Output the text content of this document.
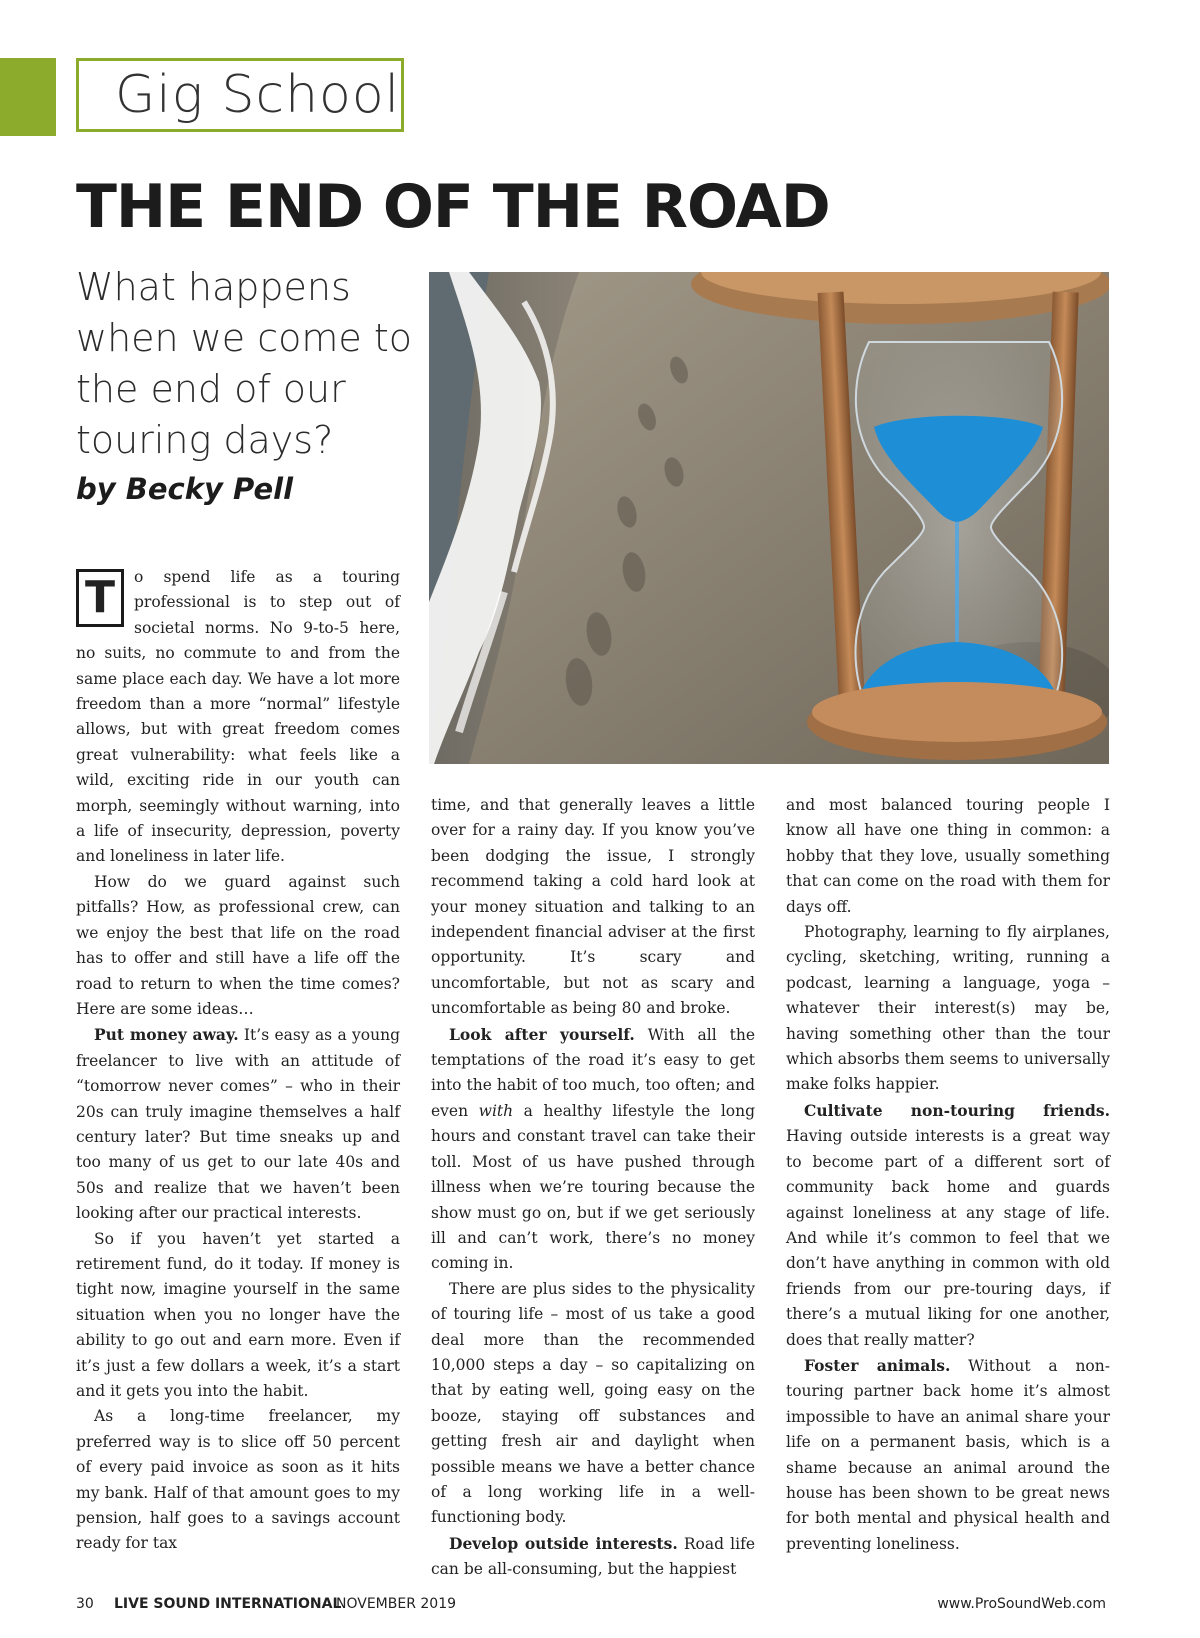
Gig School
THE END OF THE ROAD
What happens when we come to the end of our touring days?
by Becky Pell

T	o spend life as a touring professional is to step out of societal norms. No 9-to-5 here, no suits, no commute to and from the same place each day. We have a lot more freedom than a more “normal” lifestyle allows, but with great freedom comes great vulnerability: what feels like a wild, exciting ride in our youth can morph, seemingly without warning, into a life of insecurity, depression, poverty and loneliness in later life.

How do we guard against such pitfalls? How, as professional crew, can we enjoy the best that life on the road has to offer and still have a life off the road to return to when the time comes? Here are some ideas…

Put money away. It’s easy as a young freelancer to live with an attitude of “tomorrow never comes” – who in their 20s can truly imagine themselves a half century later? But time sneaks up and too many of us get to our late 40s and 50s and realize that we haven’t been looking after our practical interests.

So if you haven’t yet started a retirement fund, do it today. If money is tight now, imagine yourself in the same situation when you no longer have the ability to go out and earn more. Even if it’s just a few dollars a week, it’s a start and it gets you into the habit.

As a long-time freelancer, my preferred way is to slice off 50 percent of every paid invoice as soon as it hits my bank. Half of that amount goes to my pension, half goes to a savings account ready for tax

time, and that generally leaves a little over for a rainy day. If you know you’ve been dodging the issue, I strongly recommend taking a cold hard look at your money situation and talking to an independent financial adviser at the first opportunity. It’s scary and uncomfortable, but not as scary and uncomfortable as being 80 and broke.

Look after yourself. With all the temptations of the road it’s easy to get into the habit of too much, too often; and even with a healthy lifestyle the long hours and constant travel can take their toll. Most of us have pushed through illness when we’re touring because the show must go on, but if we get seriously ill and can’t work, there’s no money coming in.

There are plus sides to the physicality of touring life – most of us take a good deal more than the recommended 10,000 steps a day – so capitalizing on that by eating well, going easy on the booze, staying off substances and getting fresh air and daylight when possible means we have a better chance of a long working life in a well-functioning body.

Develop outside interests. Road life can be all-consuming, but the happiest

and most balanced touring people I know all have one thing in common: a hobby that they love, usually something that can come on the road with them for days off.

Photography, learning to fly airplanes, cycling, sketching, writing, running a podcast, learning a language, yoga – whatever their interest(s) may be, having something other than the tour which absorbs them seems to universally make folks happier.

Cultivate non-touring friends. Having outside interests is a great way to become part of a different sort of community back home and guards against loneliness at any stage of life. And while it’s common to feel that we don’t have anything in common with old friends from our pre-touring days, if there’s a mutual liking for one another, does that really matter?

Foster animals. Without a non-touring partner back home it’s almost impossible to have an animal share your life on a permanent basis, which is a shame because an animal around the house has been shown to be great news for both mental and physical health and preventing loneliness.

30 LIVE SOUND INTERNATIONAL
NOVEMBER 2019	www.ProSoundWeb.com
